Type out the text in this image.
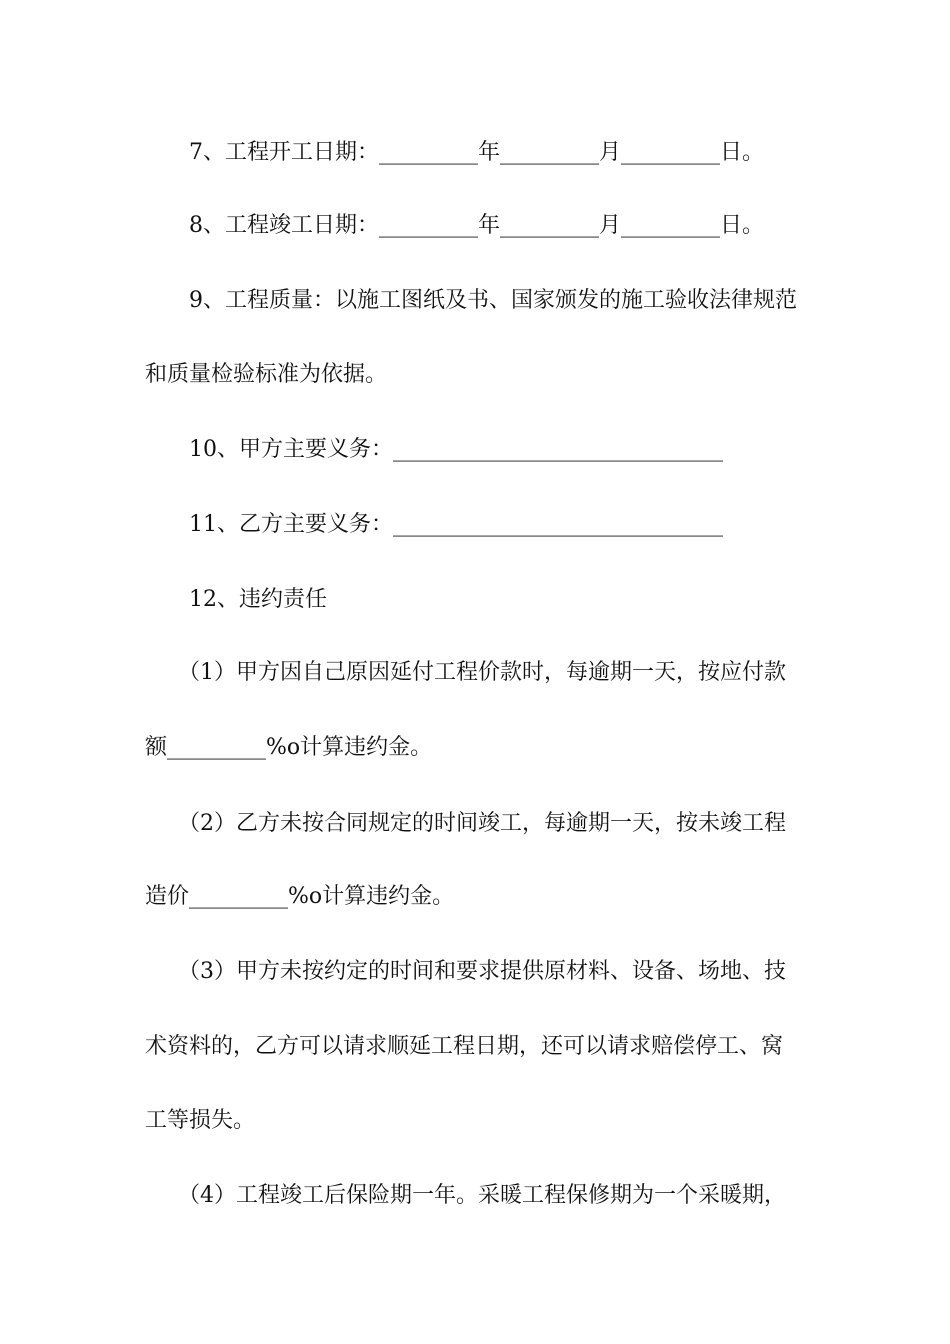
7、工程开工日期：_________年_________月_________日。
8、工程竣工日期：_________年_________月_________日。
9、工程质量：以施工图纸及书、国家颁发的施工验收法律规范
和质量检验标准为依据。
10、甲方主要义务：______________________________
11、乙方主要义务：______________________________
12、违约责任
（1）甲方因自己原因延付工程价款时，每逾期一天，按应付款
额_________%o计算违约金。
（2）乙方未按合同规定的时间竣工，每逾期一天，按未竣工程
造价_________%o计算违约金。
（3）甲方未按约定的时间和要求提供原材料、设备、场地、技
术资料的，乙方可以请求顺延工程日期，还可以请求赔偿停工、窝
工等损失。
（4）工程竣工后保险期一年。采暖工程保修期为一个采暖期，
